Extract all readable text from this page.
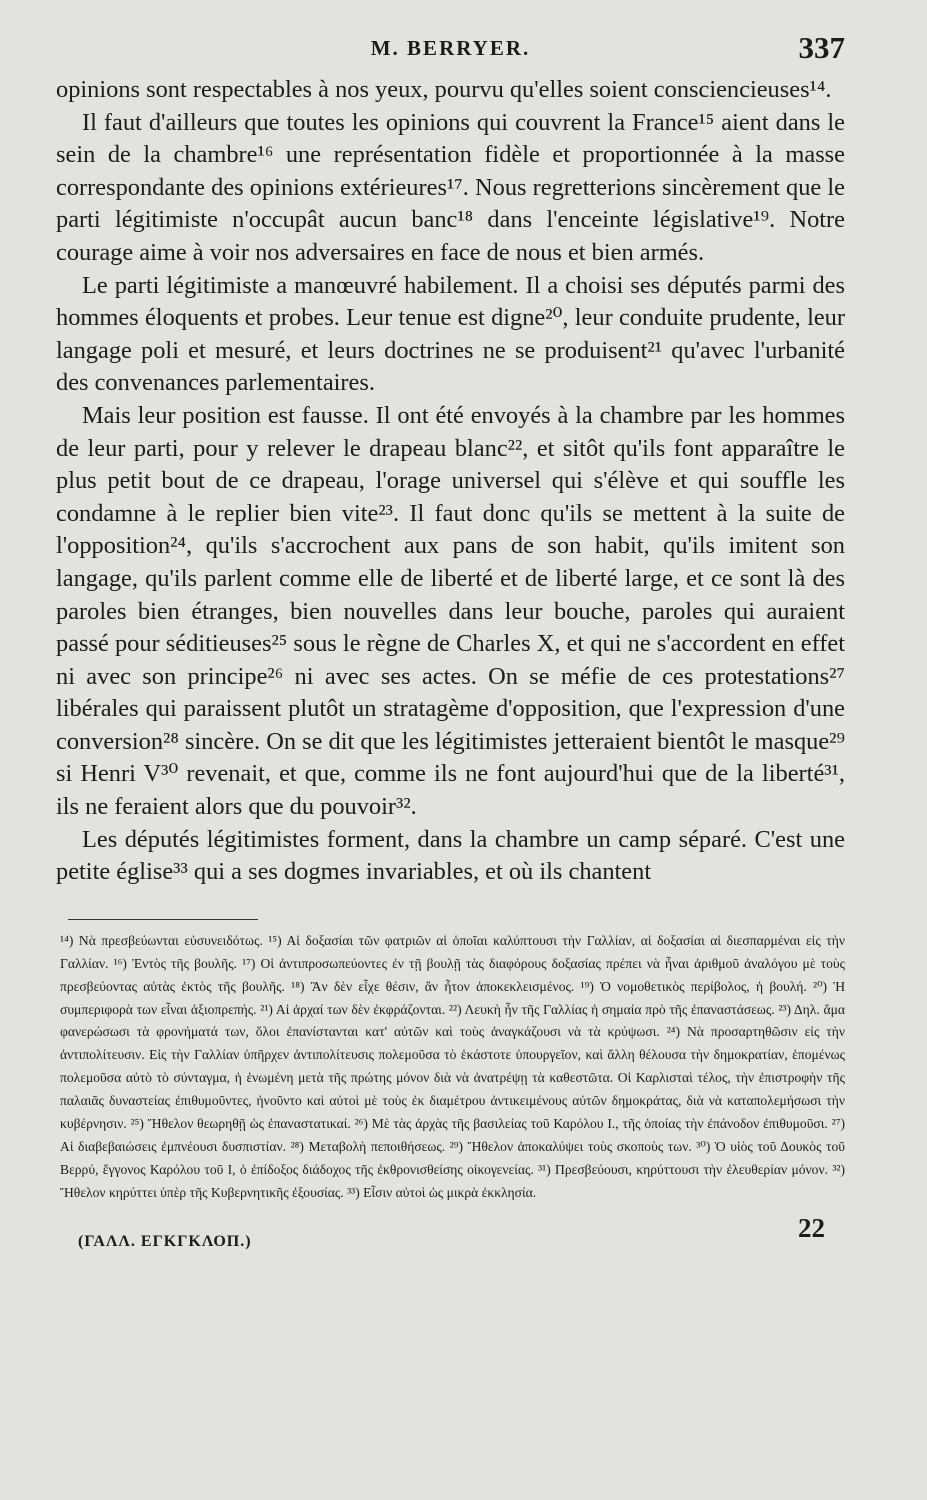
M. BERRYER.	337

opinions sont respectables à nos yeux, pourvu qu'elles soient consciencieuses¹⁴.

Il faut d'ailleurs que toutes les opinions qui couvrent la France¹⁵ aient dans le sein de la chambre¹⁶ une représentation fidèle et proportionnée à la masse correspondante des opinions extérieures¹⁷. Nous regretterions sincèrement que le parti légitimiste n'occupât aucun banc¹⁸ dans l'enceinte législative¹⁹. Notre courage aime à voir nos adversaires en face de nous et bien armés.

Le parti légitimiste a manœuvré habilement. Il a choisi ses députés parmi des hommes éloquents et probes. Leur tenue est digne²⁰, leur conduite prudente, leur langage poli et mesuré, et leurs doctrines ne se produisent²¹ qu'avec l'urbanité des convenances parlementaires.

Mais leur position est fausse. Il ont été envoyés à la chambre par les hommes de leur parti, pour y relever le drapeau blanc²², et sitôt qu'ils font apparaître le plus petit bout de ce drapeau, l'orage universel qui s'élève et qui souffle les condamne à le replier bien vite²³. Il faut donc qu'ils se mettent à la suite de l'opposition²⁴, qu'ils s'accrochent aux pans de son habit, qu'ils imitent son langage, qu'ils parlent comme elle de liberté et de liberté large, et ce sont là des paroles bien étranges, bien nouvelles dans leur bouche, paroles qui auraient passé pour séditieuses²⁵ sous le règne de Charles X, et qui ne s'accordent en effet ni avec son principe²⁶ ni avec ses actes. On se méfie de ces protestations²⁷ libérales qui paraissent plutôt un stratagème d'opposition, que l'expression d'une conversion²⁸ sincère. On se dit que les légitimistes jetteraient bientôt le masque²⁹ si Henri V³⁰ revenait, et que, comme ils ne font aujourd'hui que de la liberté³¹, ils ne feraient alors que du pouvoir³².

Les députés légitimistes forment, dans la chambre un camp séparé. C'est une petite église³³ qui a ses dogmes invariables, et où ils chantent

¹⁴) Νὰ πρεσβεύωνται εὐσυνειδότως. ¹⁵) Αἱ δοξασίαι τῶν φατριῶν αἱ ὁποῖαι καλύπτουσι τὴν Γαλλίαν, αἱ δοξασίαι αἱ διεσπαρμέναι εἰς τὴν Γαλλίαν. ¹⁶) Ἐντὸς τῆς βουλῆς. ¹⁷) Οἱ ἀντιπροσωπεύοντες ἐν τῇ βουλῇ τὰς διαφόρους δοξασίας πρέπει νὰ ἦναι ἀριθμοῦ ἀναλόγου μὲ τοὺς πρεσβεύοντας αὐτὰς ἐκτὸς τῆς βουλῆς. ¹⁸) Ἂν δὲν εἶχε θέσιν, ἂν ἦτον ἀποκεκλεισμένος. ¹⁹) Ὁ νομοθετικὸς περίβολος, ἡ βουλή. ²⁰) Ἡ συμπεριφορὰ των εἶναι ἀξιοπρεπής. ²¹) Αἱ ἀρχαί των δὲν ἐκφράζονται. ²²) Λευκὴ ἦν τῆς Γαλλίας ἡ σημαία πρὸ τῆς ἐπαναστάσεως. ²³) Δηλ. ἅμα φανερώσωσι τὰ φρονήματά των, ὅλοι ἐπανίστανται κατ' αὐτῶν καὶ τοὺς ἀναγκάζουσι νὰ τὰ κρύψωσι. ²⁴) Νὰ προσαρτηθῶσιν εἰς τὴν ἀντιπολίτευσιν. Εἰς τὴν Γαλλίαν ὑπῆρχεν ἀντιπολίτευσις πολεμοῦσα τὸ ἑκάστοτε ὑπουργεῖον, καὶ ἄλλη θέλουσα τὴν δημοκρατίαν, ἑπομένως πολεμοῦσα αὐτὸ τὸ σύνταγμα, ἡ ἑνωμένη μετὰ τῆς πρώτης μόνον διὰ νὰ ἀνατρέψῃ τὰ καθεστῶτα. Οἱ Καρλισταὶ τέλος, τὴν ἐπιστροφὴν τῆς παλαιᾶς δυναστείας ἐπιθυμοῦντες, ἠνοῦντο καὶ αὐτοὶ μὲ τοὺς ἐκ διαμέτρου ἀντικειμένους αὐτῶν δημοκράτας, διὰ νὰ καταπολεμήσωσι τὴν κυβέρνησιν. ²⁵) Ἤθελον θεωρηθῇ ὡς ἐπαναστατικαί. ²⁶) Μὲ τὰς ἀρχὰς τῆς βασιλείας τοῦ Καρόλου Ι., τῆς ὁποίας τὴν ἐπάνοδον ἐπιθυμοῦσι. ²⁷) Αἱ διαβεβαιώσεις ἐμπνέουσι δυσπιστίαν. ²⁸) Μεταβολὴ πεποιθήσεως. ²⁹) Ἤθελον ἀποκαλύψει τοὺς σκοποὺς των. ³⁰) Ὁ υἱὸς τοῦ Δουκὸς τοῦ Βερρύ, ἔγγονος Καρόλου τοῦ Ι, ὁ ἐπίδοξος διάδοχος τῆς ἐκθρονισθείσης οἰκογενείας. ³¹) Πρεσβεύουσι, κηρύττουσι τὴν ἐλευθερίαν μόνον. ³²) Ἤθελον κηρύττει ὑπὲρ τῆς Κυβερνητικῆς ἐξουσίας. ³³) Εἶσιν αὐτοὶ ὡς μικρὰ ἐκκλησία.
(ΓΑΛΛ. ΕΓΚΓΚΛΟΠ.)	22
